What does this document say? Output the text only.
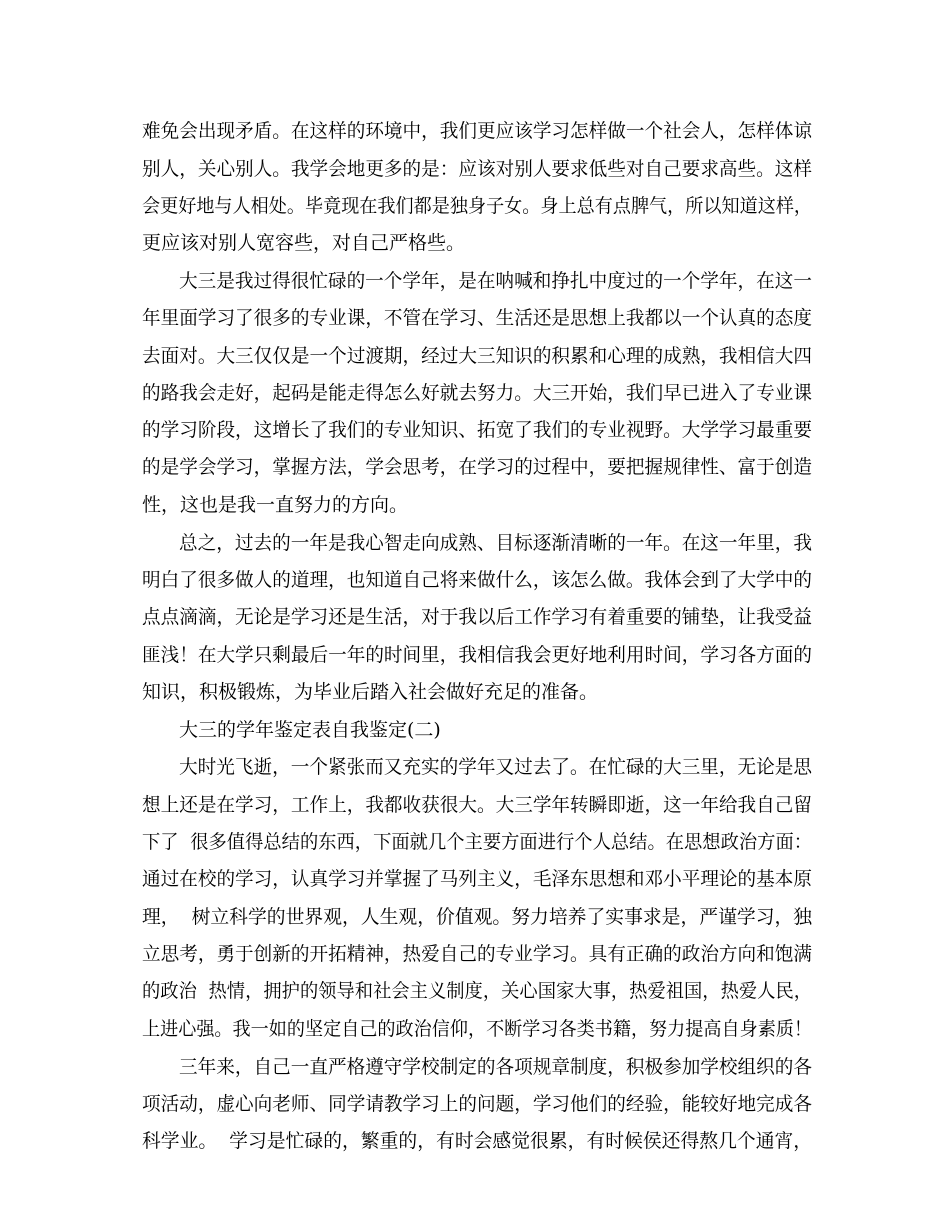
难免会出现矛盾。在这样的环境中，我们更应该学习怎样做一个社会人，怎样体谅
别人，关心别人。我学会地更多的是：应该对别人要求低些对自己要求高些。这样
会更好地与人相处。毕竟现在我们都是独身子女。身上总有点脾气，所以知道这样，
更应该对别人宽容些，对自己严格些。
大三是我过得很忙碌的一个学年，是在呐喊和挣扎中度过的一个学年，在这一
年里面学习了很多的专业课，不管在学习、生活还是思想上我都以一个认真的态度
去面对。大三仅仅是一个过渡期，经过大三知识的积累和心理的成熟，我相信大四
的路我会走好，起码是能走得怎么好就去努力。大三开始，我们早已进入了专业课
的学习阶段，这增长了我们的专业知识、拓宽了我们的专业视野。大学学习最重要
的是学会学习，掌握方法，学会思考，在学习的过程中，要把握规律性、富于创造
性，这也是我一直努力的方向。
总之，过去的一年是我心智走向成熟、目标逐渐清晰的一年。在这一年里，我
明白了很多做人的道理，也知道自己将来做什么，该怎么做。我体会到了大学中的
点点滴滴，无论是学习还是生活，对于我以后工作学习有着重要的铺垫，让我受益
匪浅！在大学只剩最后一年的时间里，我相信我会更好地利用时间，学习各方面的
知识，积极锻炼，为毕业后踏入社会做好充足的准备。
大三的学年鉴定表自我鉴定(二)
大时光飞逝，一个紧张而又充实的学年又过去了。在忙碌的大三里，无论是思
想上还是在学习，工作上，我都收获很大。大三学年转瞬即逝，这一年给我自己留
下了  很多值得总结的东西，下面就几个主要方面进行个人总结。在思想政治方面：
通过在校的学习，认真学习并掌握了马列主义，毛泽东思想和邓小平理论的基本原
理，  树立科学的世界观，人生观，价值观。努力培养了实事求是，严谨学习，独
立思考，勇于创新的开拓精神，热爱自己的专业学习。具有正确的政治方向和饱满
的政治  热情，拥护的领导和社会主义制度，关心国家大事，热爱祖国，热爱人民，
上进心强。我一如的坚定自己的政治信仰，不断学习各类书籍，努力提高自身素质！
三年来，自己一直严格遵守学校制定的各项规章制度，积极参加学校组织的各
项活动，虚心向老师、同学请教学习上的问题，学习他们的经验，能较好地完成各
科学业。  学习是忙碌的，繁重的，有时会感觉很累，有时候侯还得熬几个通宵，
